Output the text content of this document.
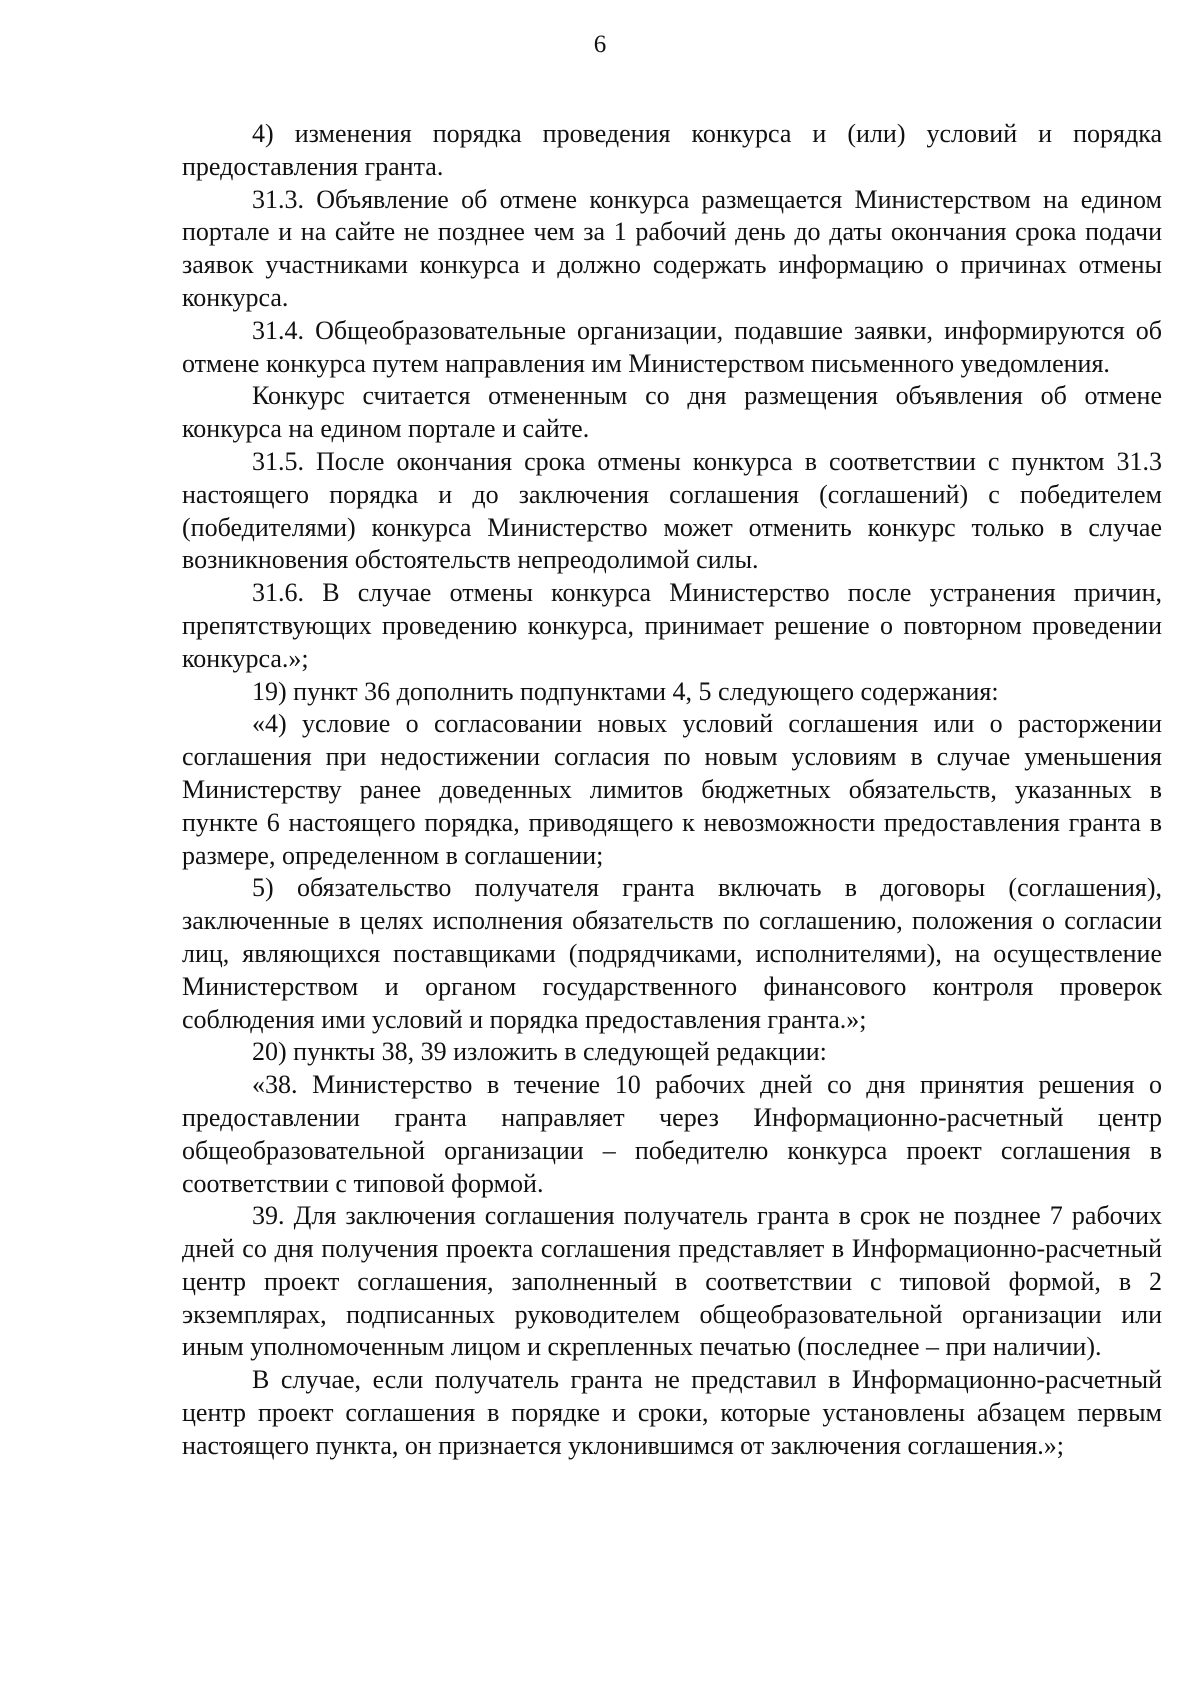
6

4) изменения порядка проведения конкурса и (или) условий и порядка предоставления гранта.

31.3. Объявление об отмене конкурса размещается Министерством на едином портале и на сайте не позднее чем за 1 рабочий день до даты окончания срока подачи заявок участниками конкурса и должно содержать информацию о причинах отмены конкурса.

31.4. Общеобразовательные организации, подавшие заявки, информируются об отмене конкурса путем направления им Министерством письменного уведомления.

Конкурс считается отмененным со дня размещения объявления об отмене конкурса на едином портале и сайте.

31.5. После окончания срока отмены конкурса в соответствии с пунктом 31.3 настоящего порядка и до заключения соглашения (соглашений) с победителем (победителями) конкурса Министерство может отменить конкурс только в случае возникновения обстоятельств непреодолимой силы.

31.6. В случае отмены конкурса Министерство после устранения причин, препятствующих проведению конкурса, принимает решение о повторном проведении конкурса.»;

19) пункт 36 дополнить подпунктами 4, 5 следующего содержания:

«4) условие о согласовании новых условий соглашения или о расторжении соглашения при недостижении согласия по новым условиям в случае уменьшения Министерству ранее доведенных лимитов бюджетных обязательств, указанных в пункте 6 настоящего порядка, приводящего к невозможности предоставления гранта в размере, определенном в соглашении;

5) обязательство получателя гранта включать в договоры (соглашения), заключенные в целях исполнения обязательств по соглашению, положения о согласии лиц, являющихся поставщиками (подрядчиками, исполнителями), на осуществление Министерством и органом государственного финансового контроля проверок соблюдения ими условий и порядка предоставления гранта.»;

20) пункты 38, 39 изложить в следующей редакции:

«38. Министерство в течение 10 рабочих дней со дня принятия решения о предоставлении гранта направляет через Информационно-расчетный центр общеобразовательной организации – победителю конкурса проект соглашения в соответствии с типовой формой.

39. Для заключения соглашения получатель гранта в срок не позднее 7 рабочих дней со дня получения проекта соглашения представляет в Информационно-расчетный центр проект соглашения, заполненный в соответствии с типовой формой, в 2 экземплярах, подписанных руководителем общеобразовательной организации или иным уполномоченным лицом и скрепленных печатью (последнее – при наличии).

В случае, если получатель гранта не представил в Информационно-расчетный центр проект соглашения в порядке и сроки, которые установлены абзацем первым настоящего пункта, он признается уклонившимся от заключения соглашения.»;
